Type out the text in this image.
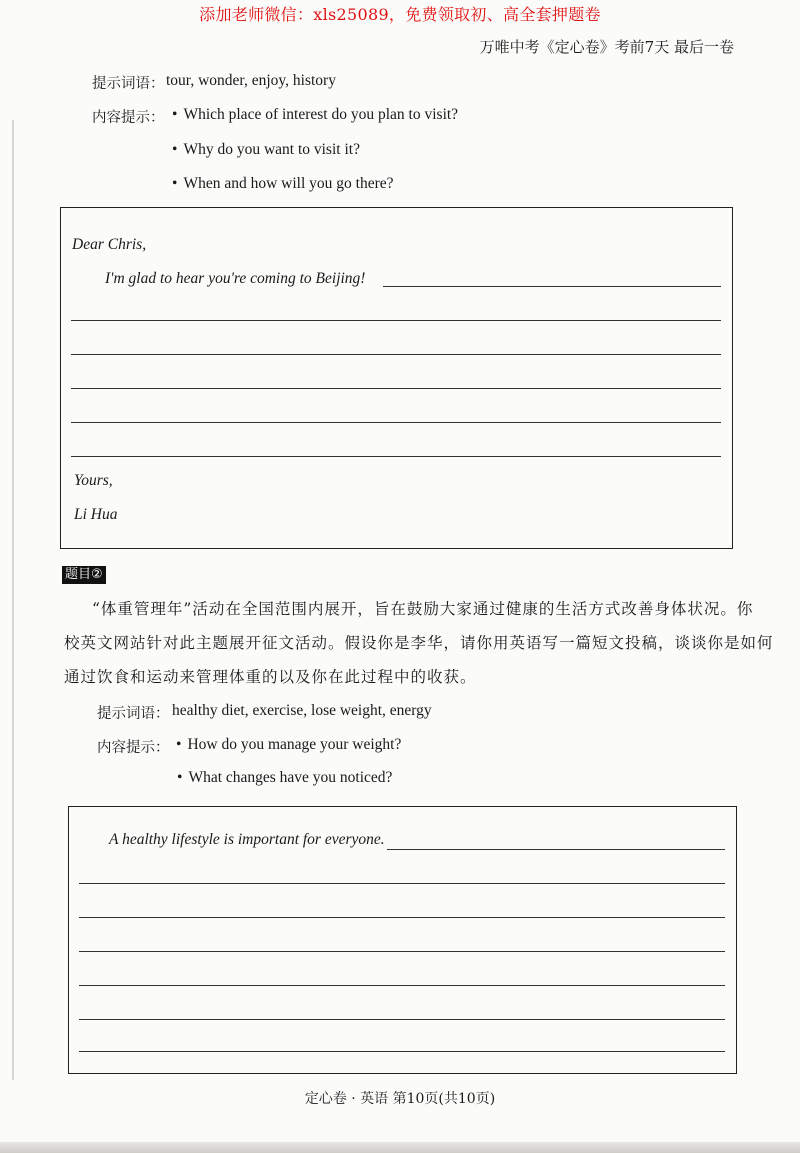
添加老师微信：xls25089，免费领取初、高全套押题卷
万唯中考《定心卷》考前7天 最后一卷
提示词语： tour, wonder, enjoy, history
内容提示：	• Which place of interest do you plan to visit?
• Why do you want to visit it?
• When and how will you go there?
Dear Chris,
I'm glad to hear you're coming to Beijing!
Yours,
Li Hua
题目②
“体重管理年”活动在全国范围内展开，旨在鼓励大家通过健康的生活方式改善身体状况。你
校英文网站针对此主题展开征文活动。假设你是李华，请你用英语写一篇短文投稿，谈谈你是如何
通过饮食和运动来管理体重的以及你在此过程中的收获。
提示词语： healthy diet, exercise, lose weight, energy
内容提示：	• How do you manage your weight?
• What changes have you noticed?
A healthy lifestyle is important for everyone.
定心卷 · 英语 第10页(共10页)
